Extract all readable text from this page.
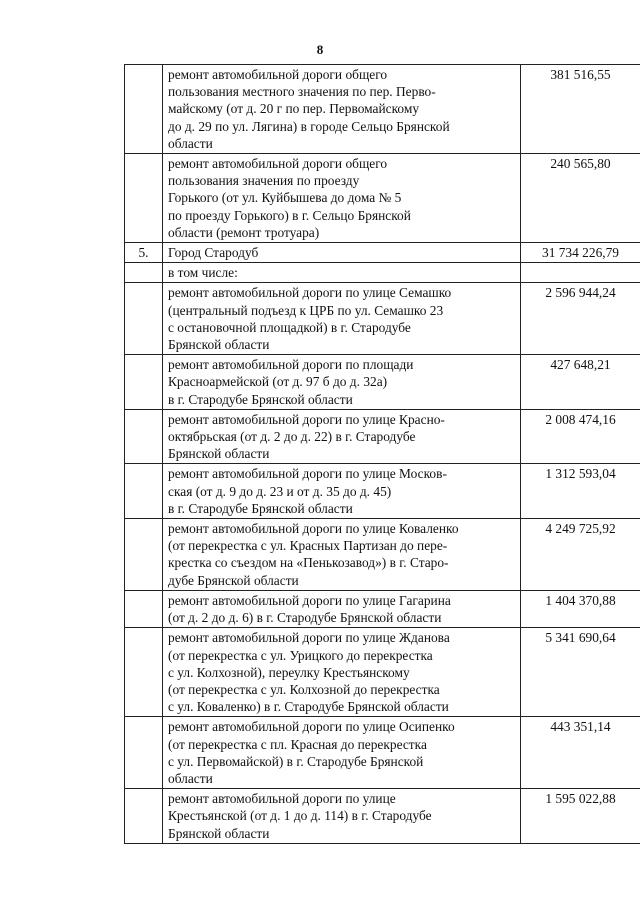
8

	ремонт автомобильной дороги общего
пользования местного значения по пер. Перво-
майскому (от д. 20 г по пер. Первомайскому
до д. 29 по ул. Лягина) в городе Сельцо Брянской
области	381 516,55

	ремонт автомобильной дороги общего
пользования значения по проезду
Горького (от ул. Куйбышева до дома № 5
по проезду Горького) в г. Сельцо Брянской
области (ремонт тротуара)	240 565,80
5.	Город Стародуб	31 734 226,79

	в том числе:	

	ремонт автомобильной дороги по улице Семашко
(центральный подъезд к ЦРБ по ул. Семашко 23
с остановочной площадкой) в г. Стародубе
Брянской области	2 596 944,24

	ремонт автомобильной дороги по площади
Красноармейской (от д. 97 б до д. 32а)
в г. Стародубе Брянской области	427 648,21

	ремонт автомобильной дороги по улице Красно-
октябрьская (от д. 2 до д. 22) в г. Стародубе
Брянской области	2 008 474,16

	ремонт автомобильной дороги по улице Москов-
ская (от д. 9 до д. 23 и от д. 35 до д. 45)
в г. Стародубе Брянской области	1 312 593,04

	ремонт автомобильной дороги по улице Коваленко
(от перекрестка с ул. Красных Партизан до пере-
крестка со съездом на «Пенькозавод») в г. Старо-
дубе Брянской области	4 249 725,92

	ремонт автомобильной дороги по улице Гагарина
(от д. 2 до д. 6) в г. Стародубе Брянской области	1 404 370,88

	ремонт автомобильной дороги по улице Жданова
(от перекрестка с ул. Урицкого до перекрестка
с ул. Колхозной), переулку Крестьянскому
(от перекрестка с ул. Колхозной до перекрестка
с ул. Коваленко) в г. Стародубе Брянской области	5 341 690,64

	ремонт автомобильной дороги по улице Осипенко
(от перекрестка с пл. Красная до перекрестка
с ул. Первомайской) в г. Стародубе Брянской
области	443 351,14

	ремонт автомобильной дороги по улице
Крестьянской (от д. 1 до д. 114) в г. Стародубе
Брянской области	1 595 022,88
